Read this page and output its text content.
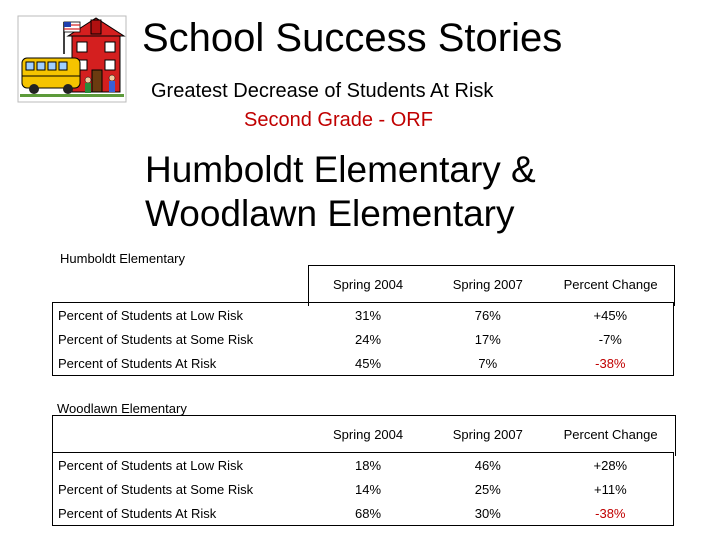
School Success Stories
Greatest Decrease of Students At Risk
Second Grade - ORF
Humboldt Elementary &
Woodlawn Elementary
Humboldt Elementary
	Spring 2004	Spring 2007	Percent Change
Percent of Students at Low Risk	31%	76%	+45%
Percent of Students at Some Risk	24%	17%	-7%
Percent of Students At Risk	45%	7%	-38%
Woodlawn Elementary
	Spring 2004	Spring 2007	Percent Change
Percent of Students at Low Risk	18%	46%	+28%
Percent of Students at Some Risk	14%	25%	+11%
Percent of Students At Risk	68%	30%	-38%
